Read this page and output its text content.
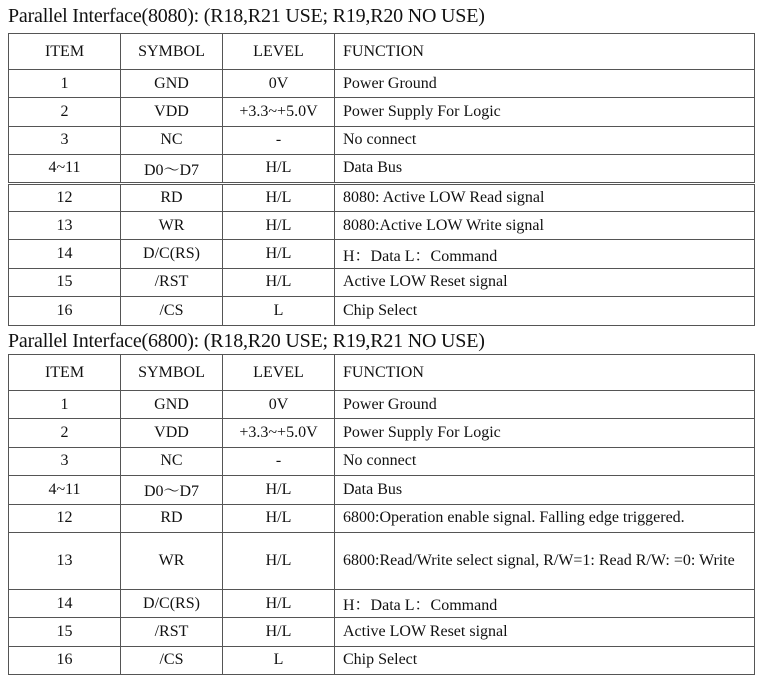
Parallel Interface(8080): (R18,R21 USE; R19,R20 NO USE)
ITEM	SYMBOL	LEVEL	FUNCTION
1	GND	0V	Power Ground
2	VDD	+3.3~+5.0V	Power Supply For Logic
3	NC	-	No connect
4~11	D0～D7	H/L	Data Bus
12	RD	H/L	8080: Active LOW Read signal
13	WR	H/L	8080:Active LOW Write signal
14	D/C(RS)	H/L	H：Data L：Command
15	/RST	H/L	Active LOW Reset signal
16	/CS	L	Chip Select
Parallel Interface(6800): (R18,R20 USE; R19,R21 NO USE)
ITEM	SYMBOL	LEVEL	FUNCTION
1	GND	0V	Power Ground
2	VDD	+3.3~+5.0V	Power Supply For Logic
3	NC	-	No connect
4~11	D0～D7	H/L	Data Bus
12	RD	H/L	6800:Operation enable signal. Falling edge triggered.
13	WR	H/L	6800:Read/Write select signal, R/W=1: Read R/W: =0: Write
14	D/C(RS)	H/L	H：Data L：Command
15	/RST	H/L	Active LOW Reset signal
16	/CS	L	Chip Select
